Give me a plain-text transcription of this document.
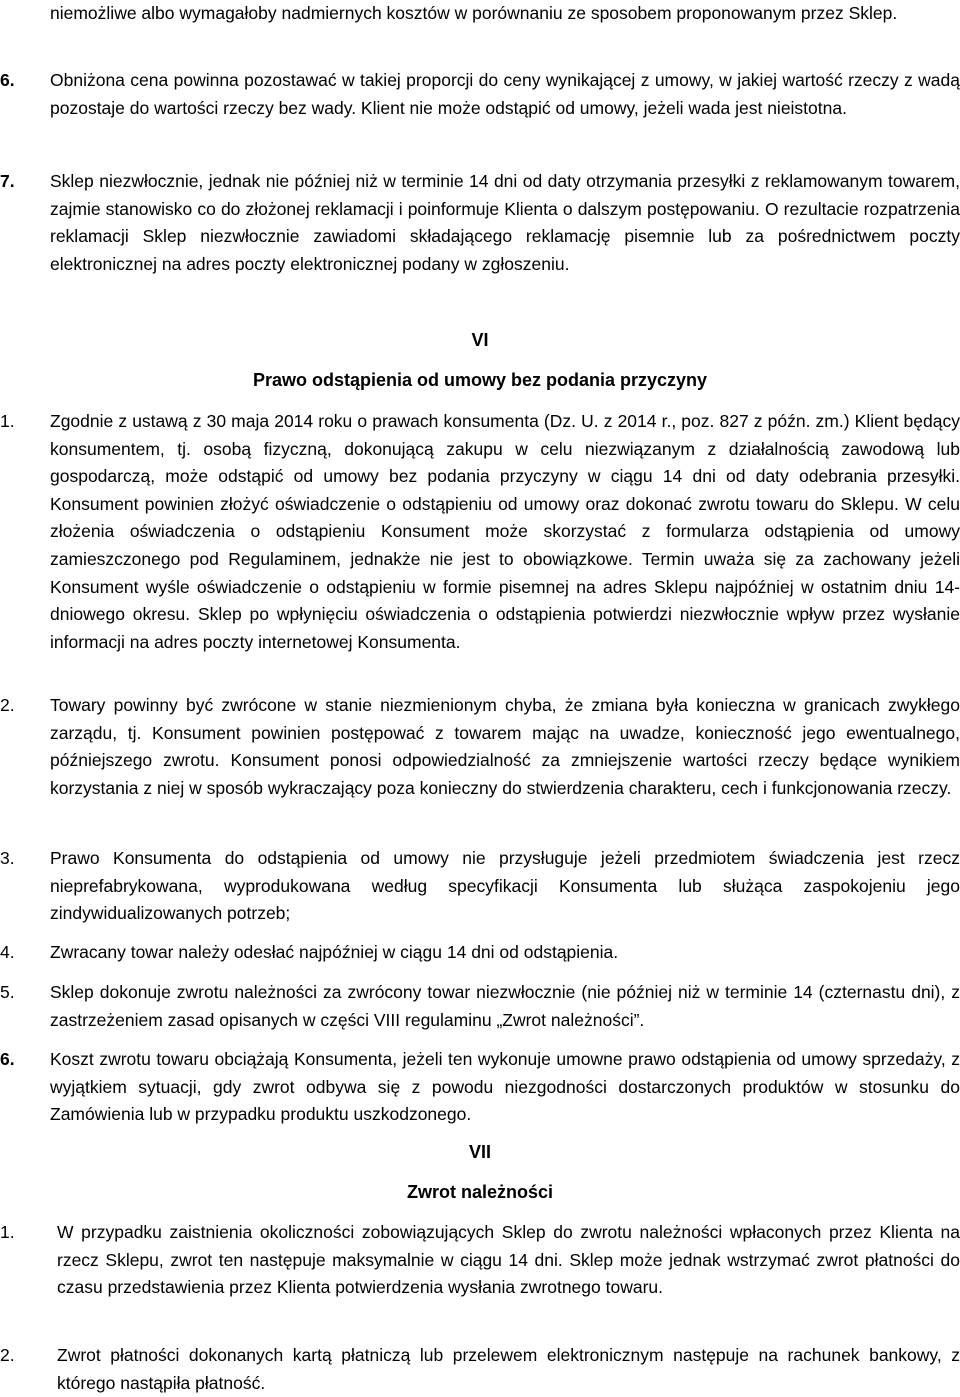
niemożliwe albo wymagałoby nadmiernych kosztów w porównaniu ze sposobem proponowanym przez Sklep.
6. Obniżona cena powinna pozostawać w takiej proporcji do ceny wynikającej z umowy, w jakiej wartość rzeczy z wadą pozostaje do wartości rzeczy bez wady. Klient nie może odstąpić od umowy, jeżeli wada jest nieistotna.
7. Sklep niezwłocznie, jednak nie później niż w terminie 14 dni od daty otrzymania przesyłki z reklamowanym towarem, zajmie stanowisko co do złożonej reklamacji i poinformuje Klienta o dalszym postępowaniu. O rezultacie rozpatrzenia reklamacji Sklep niezwłocznie zawiadomi składającego reklamację pisemnie lub za pośrednictwem poczty elektronicznej na adres poczty elektronicznej podany w zgłoszeniu.
VI
Prawo odstąpienia od umowy bez podania przyczyny
1. Zgodnie z ustawą z 30 maja 2014 roku o prawach konsumenta (Dz. U. z 2014 r., poz. 827 z późn. zm.) Klient będący konsumentem, tj. osobą fizyczną, dokonującą zakupu w celu niezwiązanym z działalnością zawodową lub gospodarczą, może odstąpić od umowy bez podania przyczyny w ciągu 14 dni od daty odebrania przesyłki. Konsument powinien złożyć oświadczenie o odstąpieniu od umowy oraz dokonać zwrotu towaru do Sklepu. W celu złożenia oświadczenia o odstąpieniu Konsument może skorzystać z formularza odstąpienia od umowy zamieszczonego pod Regulaminem, jednakże nie jest to obowiązkowe. Termin uważa się za zachowany jeżeli Konsument wyśle oświadczenie o odstąpieniu w formie pisemnej na adres Sklepu najpóźniej w ostatnim dniu 14-dniowego okresu. Sklep po wpłynięciu oświadczenia o odstąpienia potwierdzi niezwłocznie wpływ przez wysłanie informacji na adres poczty internetowej Konsumenta.
2. Towary powinny być zwrócone w stanie niezmienionym chyba, że zmiana była konieczna w granicach zwykłego zarządu, tj. Konsument powinien postępować z towarem mając na uwadze, konieczność jego ewentualnego, późniejszego zwrotu. Konsument ponosi odpowiedzialność za zmniejszenie wartości rzeczy będące wynikiem korzystania z niej w sposób wykraczający poza konieczny do stwierdzenia charakteru, cech i funkcjonowania rzeczy.
3. Prawo Konsumenta do odstąpienia od umowy nie przysługuje jeżeli przedmiotem świadczenia jest rzecz nieprefabrykowana, wyprodukowana według specyfikacji Konsumenta lub służąca zaspokojeniu jego zindywidualizowanych potrzeb;
4. Zwracany towar należy odesłać najpóźniej w ciągu 14 dni od odstąpienia.
5. Sklep dokonuje zwrotu należności za zwrócony towar niezwłocznie (nie później niż w terminie 14 (czternastu dni), z zastrzeżeniem zasad opisanych w części VIII regulaminu „Zwrot należności”.
6. Koszt zwrotu towaru obciążają Konsumenta, jeżeli ten wykonuje umowne prawo odstąpienia od umowy sprzedaży, z wyjątkiem sytuacji, gdy zwrot odbywa się z powodu niezgodności dostarczonych produktów w stosunku do Zamówienia lub w przypadku produktu uszkodzonego.
VII
Zwrot należności
1. W przypadku zaistnienia okoliczności zobowiązujących Sklep do zwrotu należności wpłaconych przez Klienta na rzecz Sklepu, zwrot ten następuje maksymalnie w ciągu 14 dni. Sklep może jednak wstrzymać zwrot płatności do czasu przedstawienia przez Klienta potwierdzenia wysłania zwrotnego towaru.
2. Zwrot płatności dokonanych kartą płatniczą lub przelewem elektronicznym następuje na rachunek bankowy, z którego nastąpiła płatność.
